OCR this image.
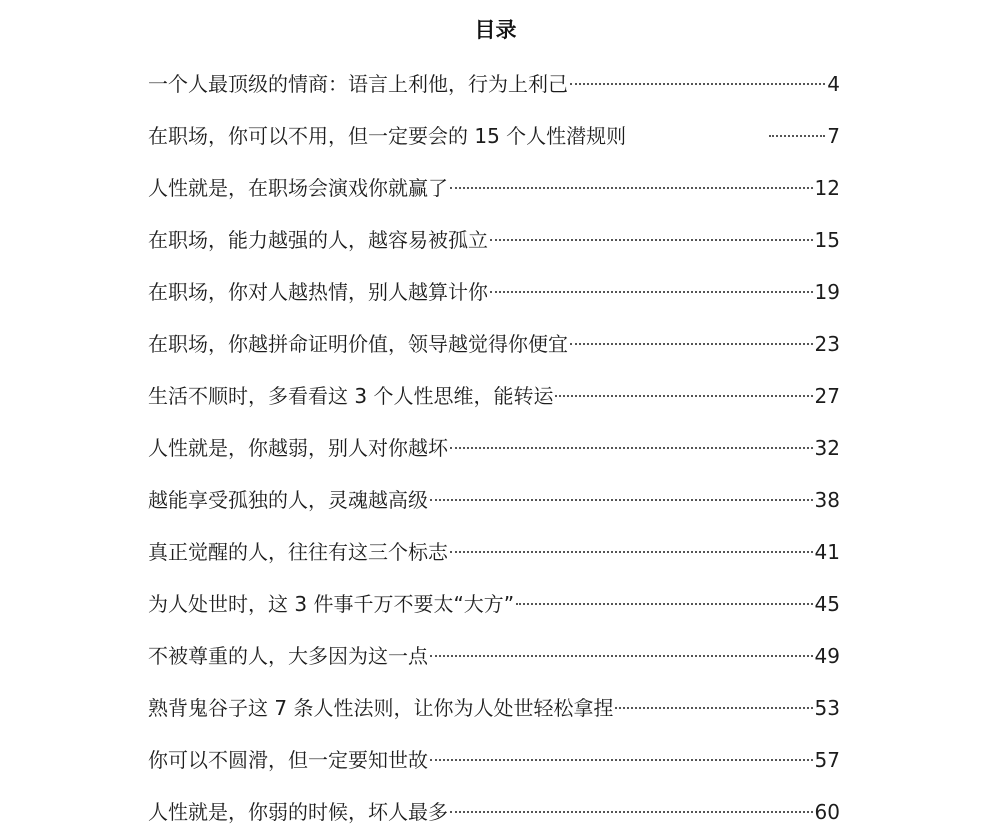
目录
一个人最顶级的情商：语言上利他，行为上利己	4
在职场，你可以不用，但一定要会的 15 个人性潜规则	7
人性就是，在职场会演戏你就赢了	12
在职场，能力越强的人，越容易被孤立	15
在职场，你对人越热情，别人越算计你	19
在职场，你越拼命证明价值，领导越觉得你便宜	23
生活不顺时，多看看这 3 个人性思维，能转运	27
人性就是，你越弱，别人对你越坏	32
越能享受孤独的人，灵魂越高级	38
真正觉醒的人，往往有这三个标志	41
为人处世时，这 3 件事千万不要太“大方”	45
不被尊重的人，大多因为这一点	49
熟背鬼谷子这 7 条人性法则，让你为人处世轻松拿捏	53
你可以不圆滑，但一定要知世故	57
人性就是，你弱的时候，坏人最多	60
